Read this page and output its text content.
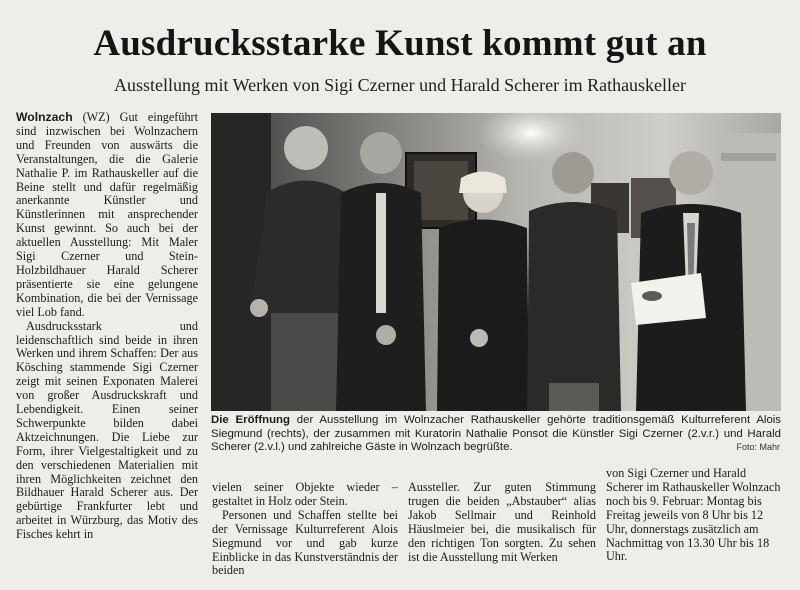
Ausdrucksstarke Kunst kommt gut an
Ausstellung mit Werken von Sigi Czerner und Harald Scherer im Rathauskeller

Wolnzach (WZ) Gut eingeführt sind inzwischen bei Wolnzachern und Freunden von auswärts die Veranstaltungen, die die Galerie Nathalie P. im Rathauskeller auf die Beine stellt und dafür regelmäßig anerkannte Künstler und Künstlerinnen mit ansprechender Kunst gewinnt. So auch bei der aktuellen Ausstellung: Mit Maler Sigi Czerner und Stein-Holzbildhauer Harald Scherer präsentierte sie eine gelungene Kombination, die bei der Vernissage viel Lob fand.

Ausdrucksstark und leidenschaftlich sind beide in ihren Werken und ihrem Schaffen: Der aus Kösching stammende Sigi Czerner zeigt mit seinen Exponaten Malerei von großer Ausdruckskraft und Lebendigkeit. Einen seiner Schwerpunkte bilden dabei Aktzeichnungen. Die Liebe zur Form, ihrer Vielgestaltigkeit und zu den verschiedenen Materialien mit ihren Möglichkeiten zeichnet den Bildhauer Harald Scherer aus. Der gebürtige Frankfurter lebt und arbeitet in Würzburg, das Motiv des Fisches kehrt in

Die Eröffnung der Ausstellung im Wolnzacher Rathauskeller gehörte traditionsgemäß Kulturreferent Alois Siegmund (rechts), der zusammen mit Kuratorin Nathalie Ponsot die Künstler Sigi Czerner (2.v.r.) und Harald Scherer (2.v.l.) und zahlreiche Gäste in Wolnzach begrüßte.	Foto: Mahr

vielen seiner Objekte wieder – gestaltet in Holz oder Stein.

Personen und Schaffen stellte bei der Vernissage Kulturreferent Alois Siegmund vor und gab kurze Einblicke in das Kunstverständnis der beiden

Aussteller. Zur guten Stimmung trugen die beiden „Abstauber“ alias Jakob Sellmair und Reinhold Häuslmeier bei, die musikalisch für den richtigen Ton sorgten. Zu sehen ist die Ausstellung mit Werken

von Sigi Czerner und Harald Scherer im Rathauskeller Wolnzach noch bis 9. Februar: Montag bis Freitag jeweils von 8 Uhr bis 12 Uhr, donnerstags zusätzlich am Nachmittag von 13.30 Uhr bis 18 Uhr.
